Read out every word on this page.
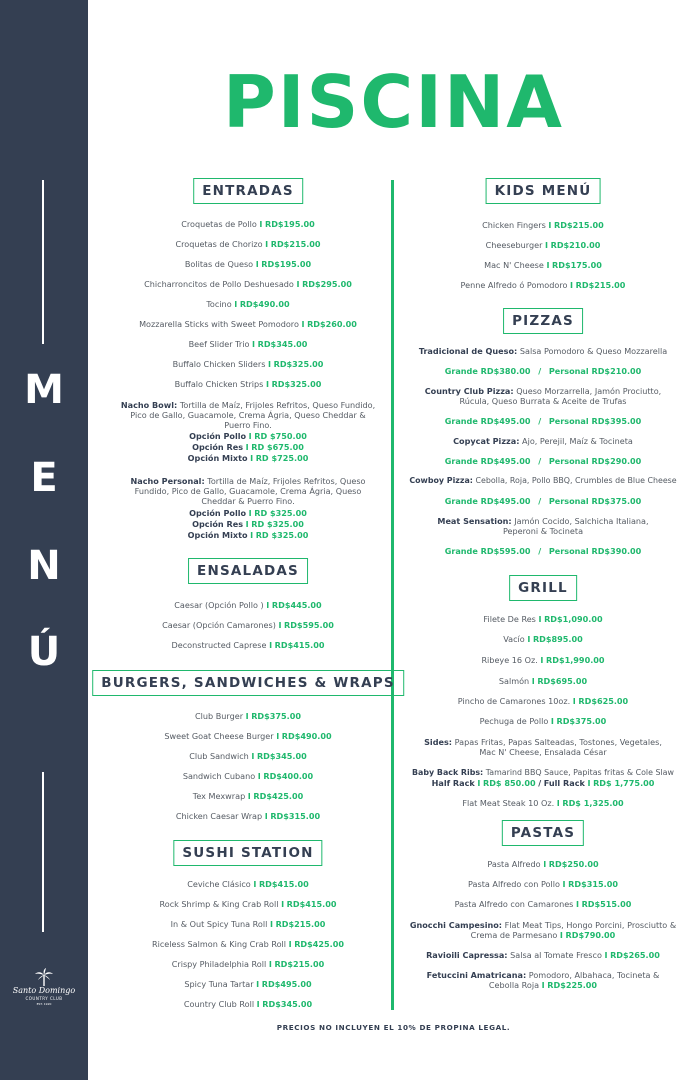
M
E
N
Ú
Santo Domingo
COUNTRY CLUB
EST. 1920
PISCINA
ENTRADAS
Croquetas de Pollo I RD$195.00
Croquetas de Chorizo I RD$215.00
Bolitas de Queso I RD$195.00
Chicharroncitos de Pollo Deshuesado I RD$295.00
Tocino I RD$490.00
Mozzarella Sticks with Sweet Pomodoro I RD$260.00
Beef Slider Trio I RD$345.00
Buffalo Chicken Sliders I RD$325.00
Buffalo Chicken Strips I RD$325.00
Nacho Bowl: Tortilla de Maíz, Frijoles Refritos, Queso Fundido,
Pico de Gallo, Guacamole, Crema Ágria, Queso Cheddar &
Puerro Fino.
Opción Pollo I RD $750.00
Opción Res I RD $675.00
Opción Mixto I RD $725.00
Nacho Personal: Tortilla de Maíz, Frijoles Refritos, Queso
Fundido, Pico de Gallo, Guacamole, Crema Ágria, Queso
Cheddar & Puerro Fino.
Opción Pollo I RD $325.00
Opción Res I RD $325.00
Opción Mixto I RD $325.00
ENSALADAS
Caesar (Opción Pollo ) I RD$445.00
Caesar (Opción Camarones) I RD$595.00
Deconstructed Caprese I RD$415.00
BURGERS, SANDWICHES & WRAPS
Club Burger I RD$375.00
Sweet Goat Cheese Burger I RD$490.00
Club Sandwich I RD$345.00
Sandwich Cubano I RD$400.00
Tex Mexwrap I RD$425.00
Chicken Caesar Wrap I RD$315.00
SUSHI STATION
Ceviche Clásico I RD$415.00
Rock Shrimp & King Crab Roll I RD$415.00
In & Out Spicy Tuna Roll I RD$215.00
Riceless Salmon & King Crab Roll I RD$425.00
Crispy Philadelphia Roll I RD$215.00
Spicy Tuna Tartar I RD$495.00
Country Club Roll I RD$345.00
KIDS MENÚ
Chicken Fingers I RD$215.00
Cheeseburger I RD$210.00
Mac N' Cheese I RD$175.00
Penne Alfredo ó Pomodoro I RD$215.00
PIZZAS
Tradicional de Queso: Salsa Pomodoro & Queso Mozzarella
Grande RD$380.00 / Personal RD$210.00
Country Club Pizza: Queso Morzarrella, Jamón Prociutto,
Rúcula, Queso Burrata & Aceite de Trufas
Grande RD$495.00 / Personal RD$395.00
Copycat Pizza: Ajo, Perejil, Maíz & Tocineta
Grande RD$495.00 / Personal RD$290.00
Cowboy Pizza: Cebolla, Roja, Pollo BBQ, Crumbles de Blue Cheese
Grande RD$495.00 / Personal RD$375.00
Meat Sensation: Jamón Cocido, Salchicha Italiana,
Peperoni & Tocineta
Grande RD$595.00 / Personal RD$390.00
GRILL
Filete De Res I RD$1,090.00
Vacío I RD$895.00
Ribeye 16 Oz. I RD$1,990.00
Salmón I RD$695.00
Pincho de Camarones 10oz. I RD$625.00
Pechuga de Pollo I RD$375.00
Sides: Papas Fritas, Papas Salteadas, Tostones, Vegetales,
Mac N' Cheese, Ensalada César
Baby Back Ribs: Tamarind BBQ Sauce, Papitas fritas & Cole Slaw
Half Rack I RD$ 850.00 / Full Rack I RD$ 1,775.00
Flat Meat Steak 10 Oz. I RD$ 1,325.00
PASTAS
Pasta Alfredo I RD$250.00
Pasta Alfredo con Pollo I RD$315.00
Pasta Alfredo con Camarones I RD$515.00
Gnocchi Campesino: Flat Meat Tips, Hongo Porcini, Prosciutto &
Crema de Parmesano I RD$790.00
Ravioili Capressa: Salsa al Tomate Fresco I RD$265.00
Fetuccini Amatricana: Pomodoro, Albahaca, Tocineta &
Cebolla Roja I RD$225.00
PRECIOS NO INCLUYEN EL 10% DE PROPINA LEGAL.
